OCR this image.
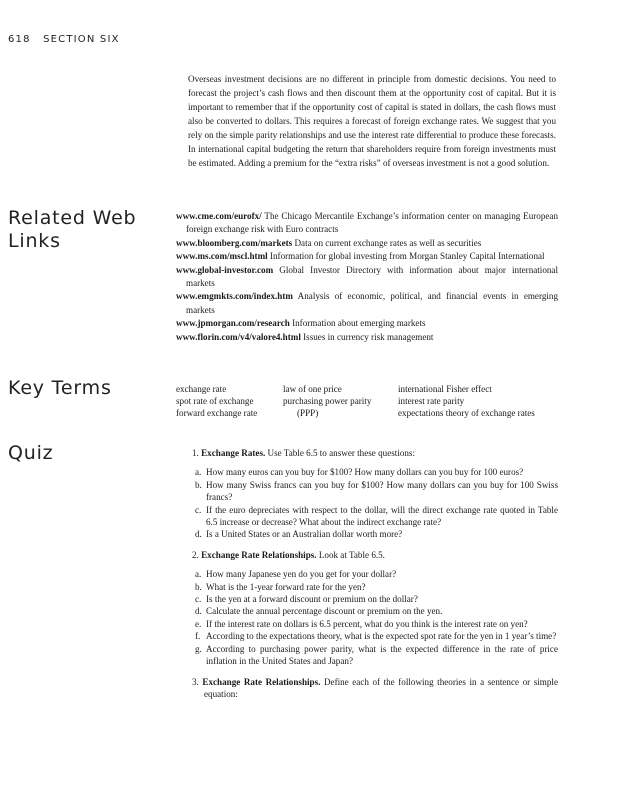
618 SECTION SIX

Overseas investment decisions are no different in principle from domestic decisions. You need to forecast the project’s cash flows and then discount them at the opportunity cost of capital. But it is important to remember that if the opportunity cost of capital is stated in dollars, the cash flows must also be converted to dollars. This requires a forecast of foreign exchange rates. We suggest that you rely on the simple parity relationships and use the interest rate differential to produce these forecasts. In international capital budgeting the return that shareholders require from foreign investments must be estimated. Adding a premium for the “extra risks” of overseas investment is not a good solution.

Related Web
Links
www.cme.com/eurofx/ The Chicago Mercantile Exchange’s information center on managing European foreign exchange risk with Euro contracts
www.bloomberg.com/markets Data on current exchange rates as well as securities
www.ms.com/mscl.html Information for global investing from Morgan Stanley Capital International
www.global-investor.com Global Investor Directory with information about major international markets
www.emgmkts.com/index.htm Analysis of economic, political, and financial events in emerging markets
www.jpmorgan.com/research Information about emerging markets
www.florin.com/v4/valore4.html Issues in currency risk management
Key Terms	exchange rate
spot rate of exchange
forward exchange rate
law of one price
purchasing power parity
(PPP)
international Fisher effect
interest rate parity
expectations theory of exchange rates
Quiz	1. Exchange Rates. Use Table 6.5 to answer these questions:
a. How many euros can you buy for $100? How many dollars can you buy for 100 euros?
b. How many Swiss francs can you buy for $100? How many dollars can you buy for 100 Swiss francs?
c. If the euro depreciates with respect to the dollar, will the direct exchange rate quoted in Table 6.5 increase or decrease? What about the indirect exchange rate?
d. Is a United States or an Australian dollar worth more?
2. Exchange Rate Relationships. Look at Table 6.5.
a. How many Japanese yen do you get for your dollar?
b. What is the 1-year forward rate for the yen?
c. Is the yen at a forward discount or premium on the dollar?
d. Calculate the annual percentage discount or premium on the yen.
e. If the interest rate on dollars is 6.5 percent, what do you think is the interest rate on yen?
f. According to the expectations theory, what is the expected spot rate for the yen in 1 year’s time?
g. According to purchasing power parity, what is the expected difference in the rate of price inflation in the United States and Japan?
3. Exchange Rate Relationships. Define each of the following theories in a sentence or simple equation:
